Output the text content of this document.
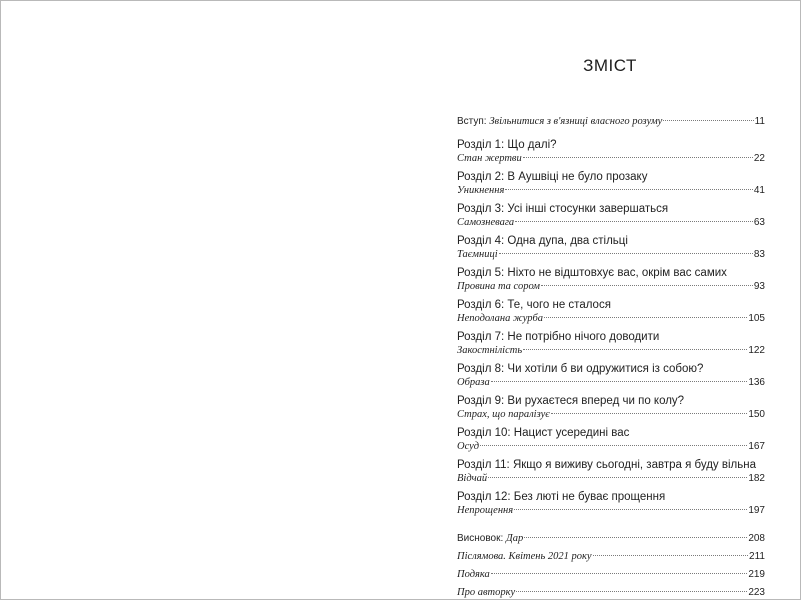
ЗМІСТ
Вступ: Звільнитися з в'язниці власного розуму	11
Розділ 1: Що далі?
Стан жертви	22
Розділ 2: В Аушвіці не було прозаку
Уникнення	41
Розділ 3: Усі інші стосунки завершаться
Самозневага	63
Розділ 4: Одна дупа, два стільці
Таємниці	83
Розділ 5: Ніхто не відштовхує вас, окрім вас самих
Провина та сором	93
Розділ 6: Те, чого не сталося
Неподолана журба	105
Розділ 7: Не потрібно нічого доводити
Закостнілість	122
Розділ 8: Чи хотіли б ви одружитися із собою?
Образа	136
Розділ 9: Ви рухаєтеся вперед чи по колу?
Страх, що паралізує	150
Розділ 10: Нацист усередині вас
Осуд	167
Розділ 11: Якщо я виживу сьогодні, завтра я буду вільна
Відчай	182
Розділ 12: Без люті не буває прощення
Непрощення	197
Висновок: Дар	208
Післямова. Квітень 2021 року	211
Подяка	219
Про авторку	223
